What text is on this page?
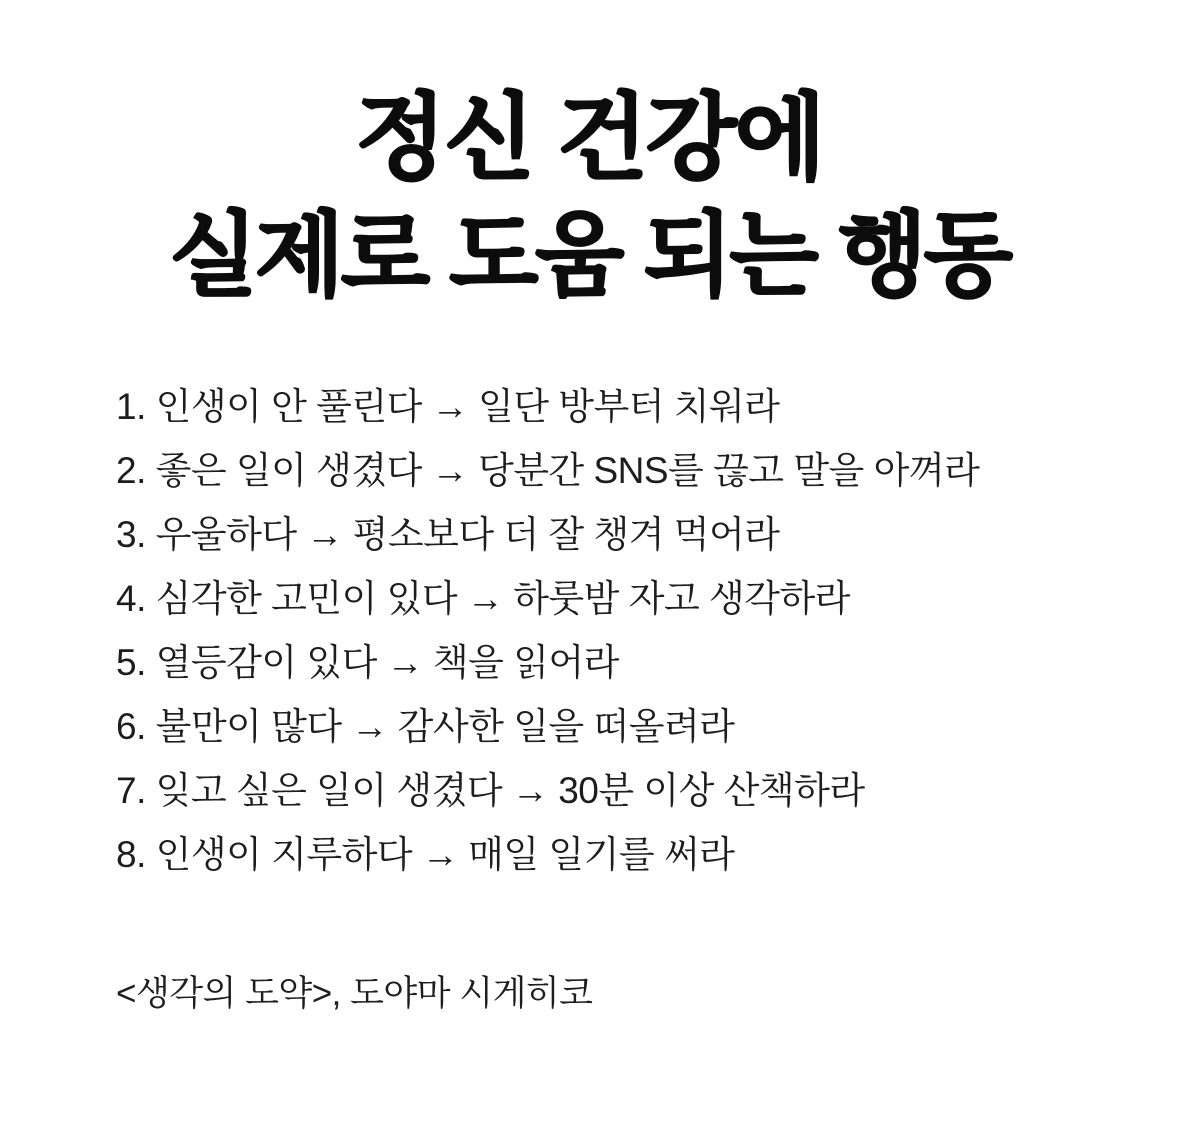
정신 건강에
실제로 도움 되는 행동
1. 인생이 안 풀린다 → 일단 방부터 치워라
2. 좋은 일이 생겼다 → 당분간 SNS를 끊고 말을 아껴라
3. 우울하다 → 평소보다 더 잘 챙겨 먹어라
4. 심각한 고민이 있다 → 하룻밤 자고 생각하라
5. 열등감이 있다 → 책을 읽어라
6. 불만이 많다 → 감사한 일을 떠올려라
7. 잊고 싶은 일이 생겼다 → 30분 이상 산책하라
8. 인생이 지루하다 → 매일 일기를 써라
<생각의 도약>, 도야마 시게히코
